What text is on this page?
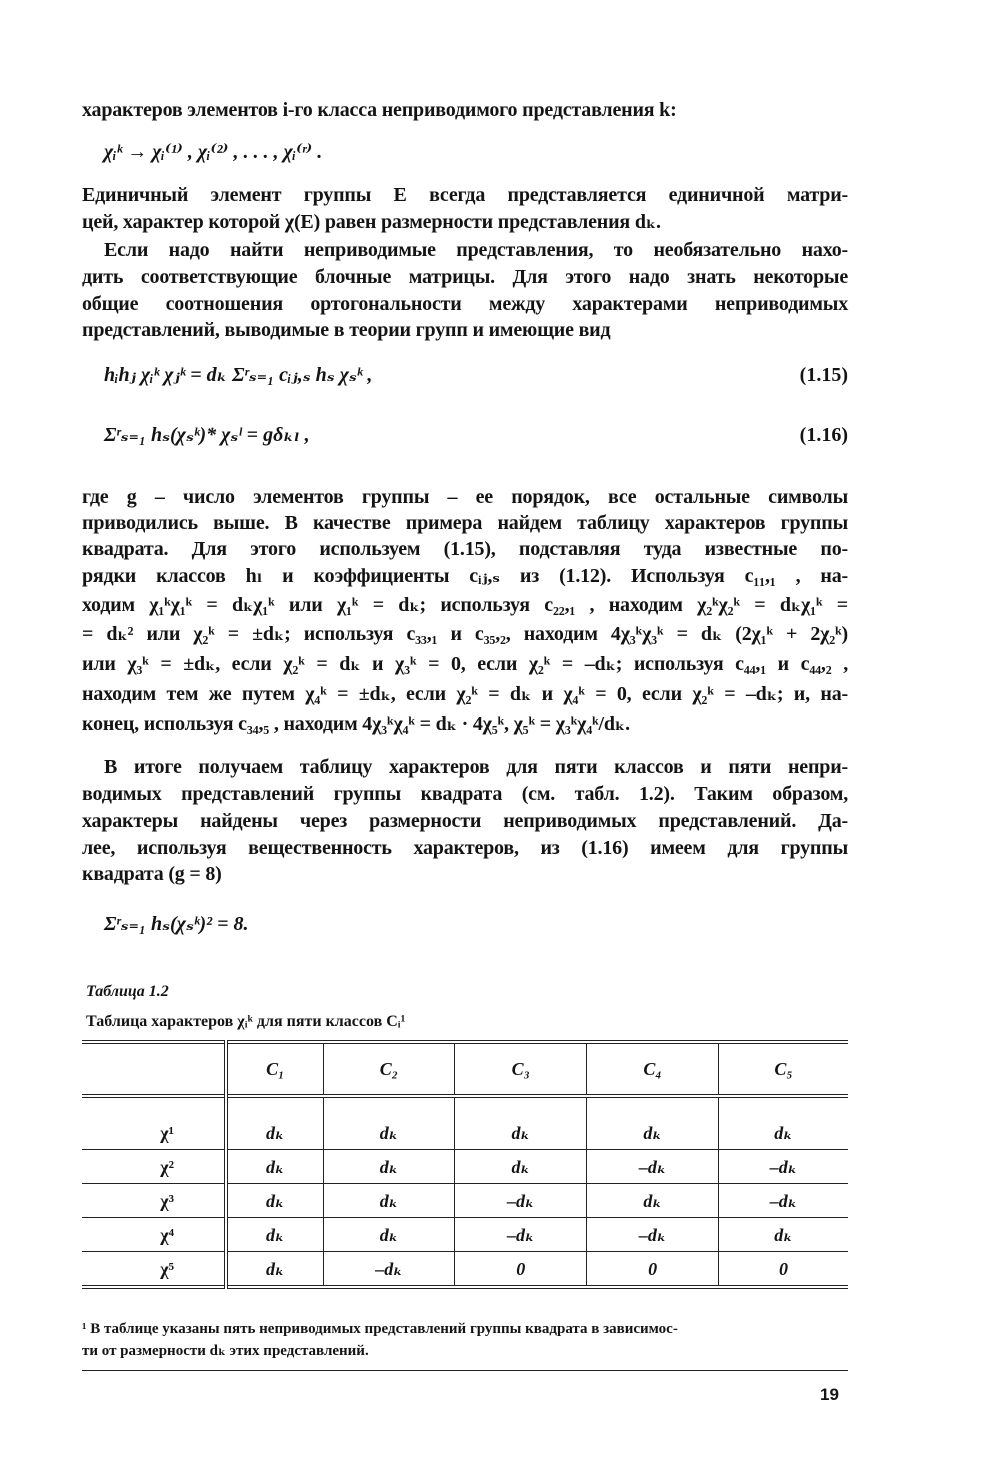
характеров элементов i-го класса неприводимого представления k:
χᵢᵏ → χᵢ⁽¹⁾ , χᵢ⁽²⁾ , . . . , χᵢ⁽ʳ⁾ .
Единичный элемент группы E всегда представляется единичной матри-
цей, характер которой χ(E) равен размерности представления dₖ.
Если надо найти неприводимые представления, то необязательно нахо-
дить соответствующие блочные матрицы. Для этого надо знать некоторые
общие соотношения ортогональности между характерами неприводимых
представлений, выводимые в теории групп и имеющие вид
hᵢhⱼ χᵢᵏ χⱼᵏ = dₖ Σʳₛ₌₁ cᵢⱼ,ₛ hₛ χₛᵏ ,	(1.15)
Σʳₛ₌₁ hₛ(χₛᵏ)* χₛˡ = gδₖₗ ,	(1.16)
где g – число элементов группы – ее порядок, все остальные символы
приводились выше. В качестве примера найдем таблицу характеров группы
квадрата. Для этого используем (1.15), подставляя туда известные по-
рядки классов hₗ и коэффициенты cᵢⱼ,ₛ из (1.12). Используя c₁₁,₁ , на-
ходим χ₁ᵏχ₁ᵏ = dₖχ₁ᵏ или χ₁ᵏ = dₖ; используя c₂₂,₁ , находим χ₂ᵏχ₂ᵏ = dₖχ₁ᵏ =
= dₖ² или χ₂ᵏ = ±dₖ; используя c₃₃,₁ и c₃₅,₂, находим 4χ₃ᵏχ₃ᵏ = dₖ (2χ₁ᵏ + 2χ₂ᵏ)
или χ₃ᵏ = ±dₖ, если χ₂ᵏ = dₖ и χ₃ᵏ = 0, если χ₂ᵏ = –dₖ; используя c₄₄,₁ и c₄₄,₂ ,
находим тем же путем χ₄ᵏ = ±dₖ, если χ₂ᵏ = dₖ и χ₄ᵏ = 0, если χ₂ᵏ = –dₖ; и, на-
конец, используя c₃₄,₅ , находим 4χ₃ᵏχ₄ᵏ = dₖ · 4χ₅ᵏ, χ₅ᵏ = χ₃ᵏχ₄ᵏ/dₖ.
В итоге получаем таблицу характеров для пяти классов и пяти непри-
водимых представлений группы квадрата (см. табл. 1.2). Таким образом,
характеры найдены через размерности неприводимых представлений. Да-
лее, используя вещественность характеров, из (1.16) имеем для группы
квадрата (g = 8)
Σʳₛ₌₁ hₛ(χₛᵏ)² = 8.
Таблица 1.2
Таблица характеров χᵢᵏ для пяти классов Cᵢ¹
	C₁	C₂	C₃	C₄	C₅
χ¹	dₖ	dₖ	dₖ	dₖ	dₖ
χ²	dₖ	dₖ	dₖ	–dₖ	–dₖ
χ³	dₖ	dₖ	–dₖ	dₖ	–dₖ
χ⁴	dₖ	dₖ	–dₖ	–dₖ	dₖ
χ⁵	dₖ	–dₖ	0	0	0
¹ В таблице указаны пять неприводимых представлений группы квадрата в зависимос-
ти от размерности dₖ этих представлений.
19
